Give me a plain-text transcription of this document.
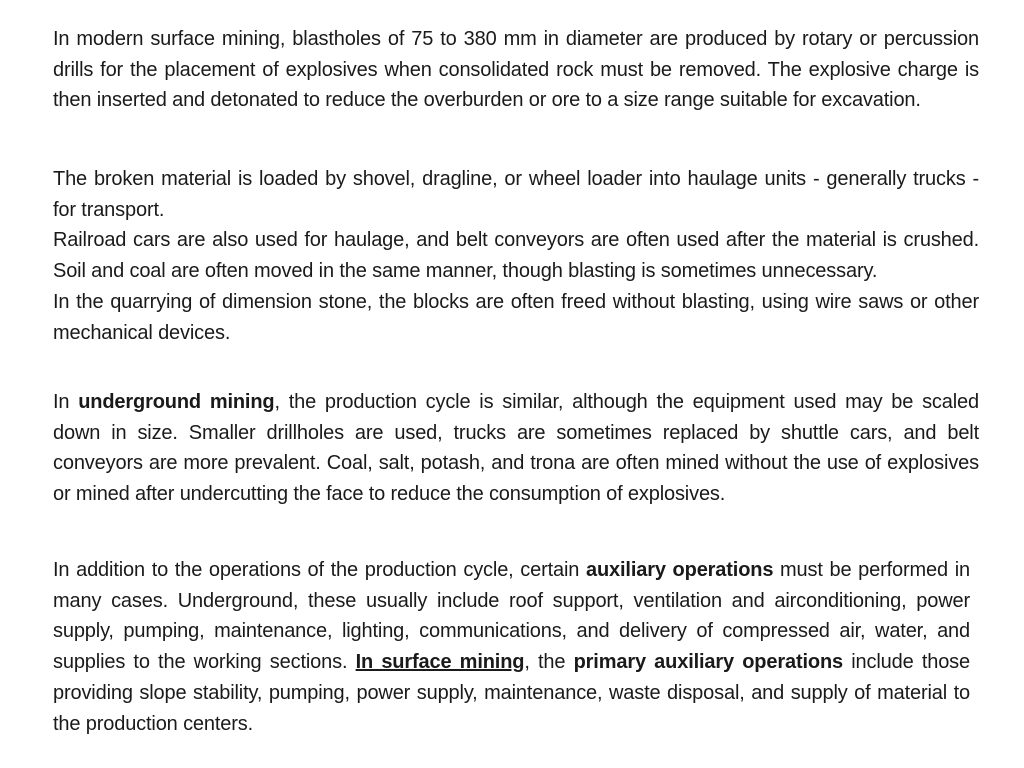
In modern surface mining, blastholes of 75 to 380 mm in diameter are produced by rotary or percussion drills for the placement of explosives when consolidated rock must be removed. The explosive charge is then inserted and detonated to reduce the overburden or ore to a size range suitable for excavation.

The broken material is loaded by shovel, dragline, or wheel loader into haulage units - generally trucks - for transport.
Railroad cars are also used for haulage, and belt conveyors are often used after the material is crushed. Soil and coal are often moved in the same manner, though blasting is sometimes unnecessary.
In the quarrying of dimension stone, the blocks are often freed without blasting, using wire saws or other mechanical devices.

In underground mining, the production cycle is similar, although the equipment used may be scaled down in size. Smaller drillholes are used, trucks are sometimes replaced by shuttle cars, and belt conveyors are more prevalent. Coal, salt, potash, and trona are often mined without the use of explosives or mined after undercutting the face to reduce the consumption of explosives.

In addition to the operations of the production cycle, certain auxiliary operations must be performed in many cases. Underground, these usually include roof support, ventilation and airconditioning, power supply, pumping, maintenance, lighting, communications, and delivery of compressed air, water, and supplies to the working sections. In surface mining, the primary auxiliary operations include those providing slope stability, pumping, power supply, maintenance, waste disposal, and supply of material to the production centers.
